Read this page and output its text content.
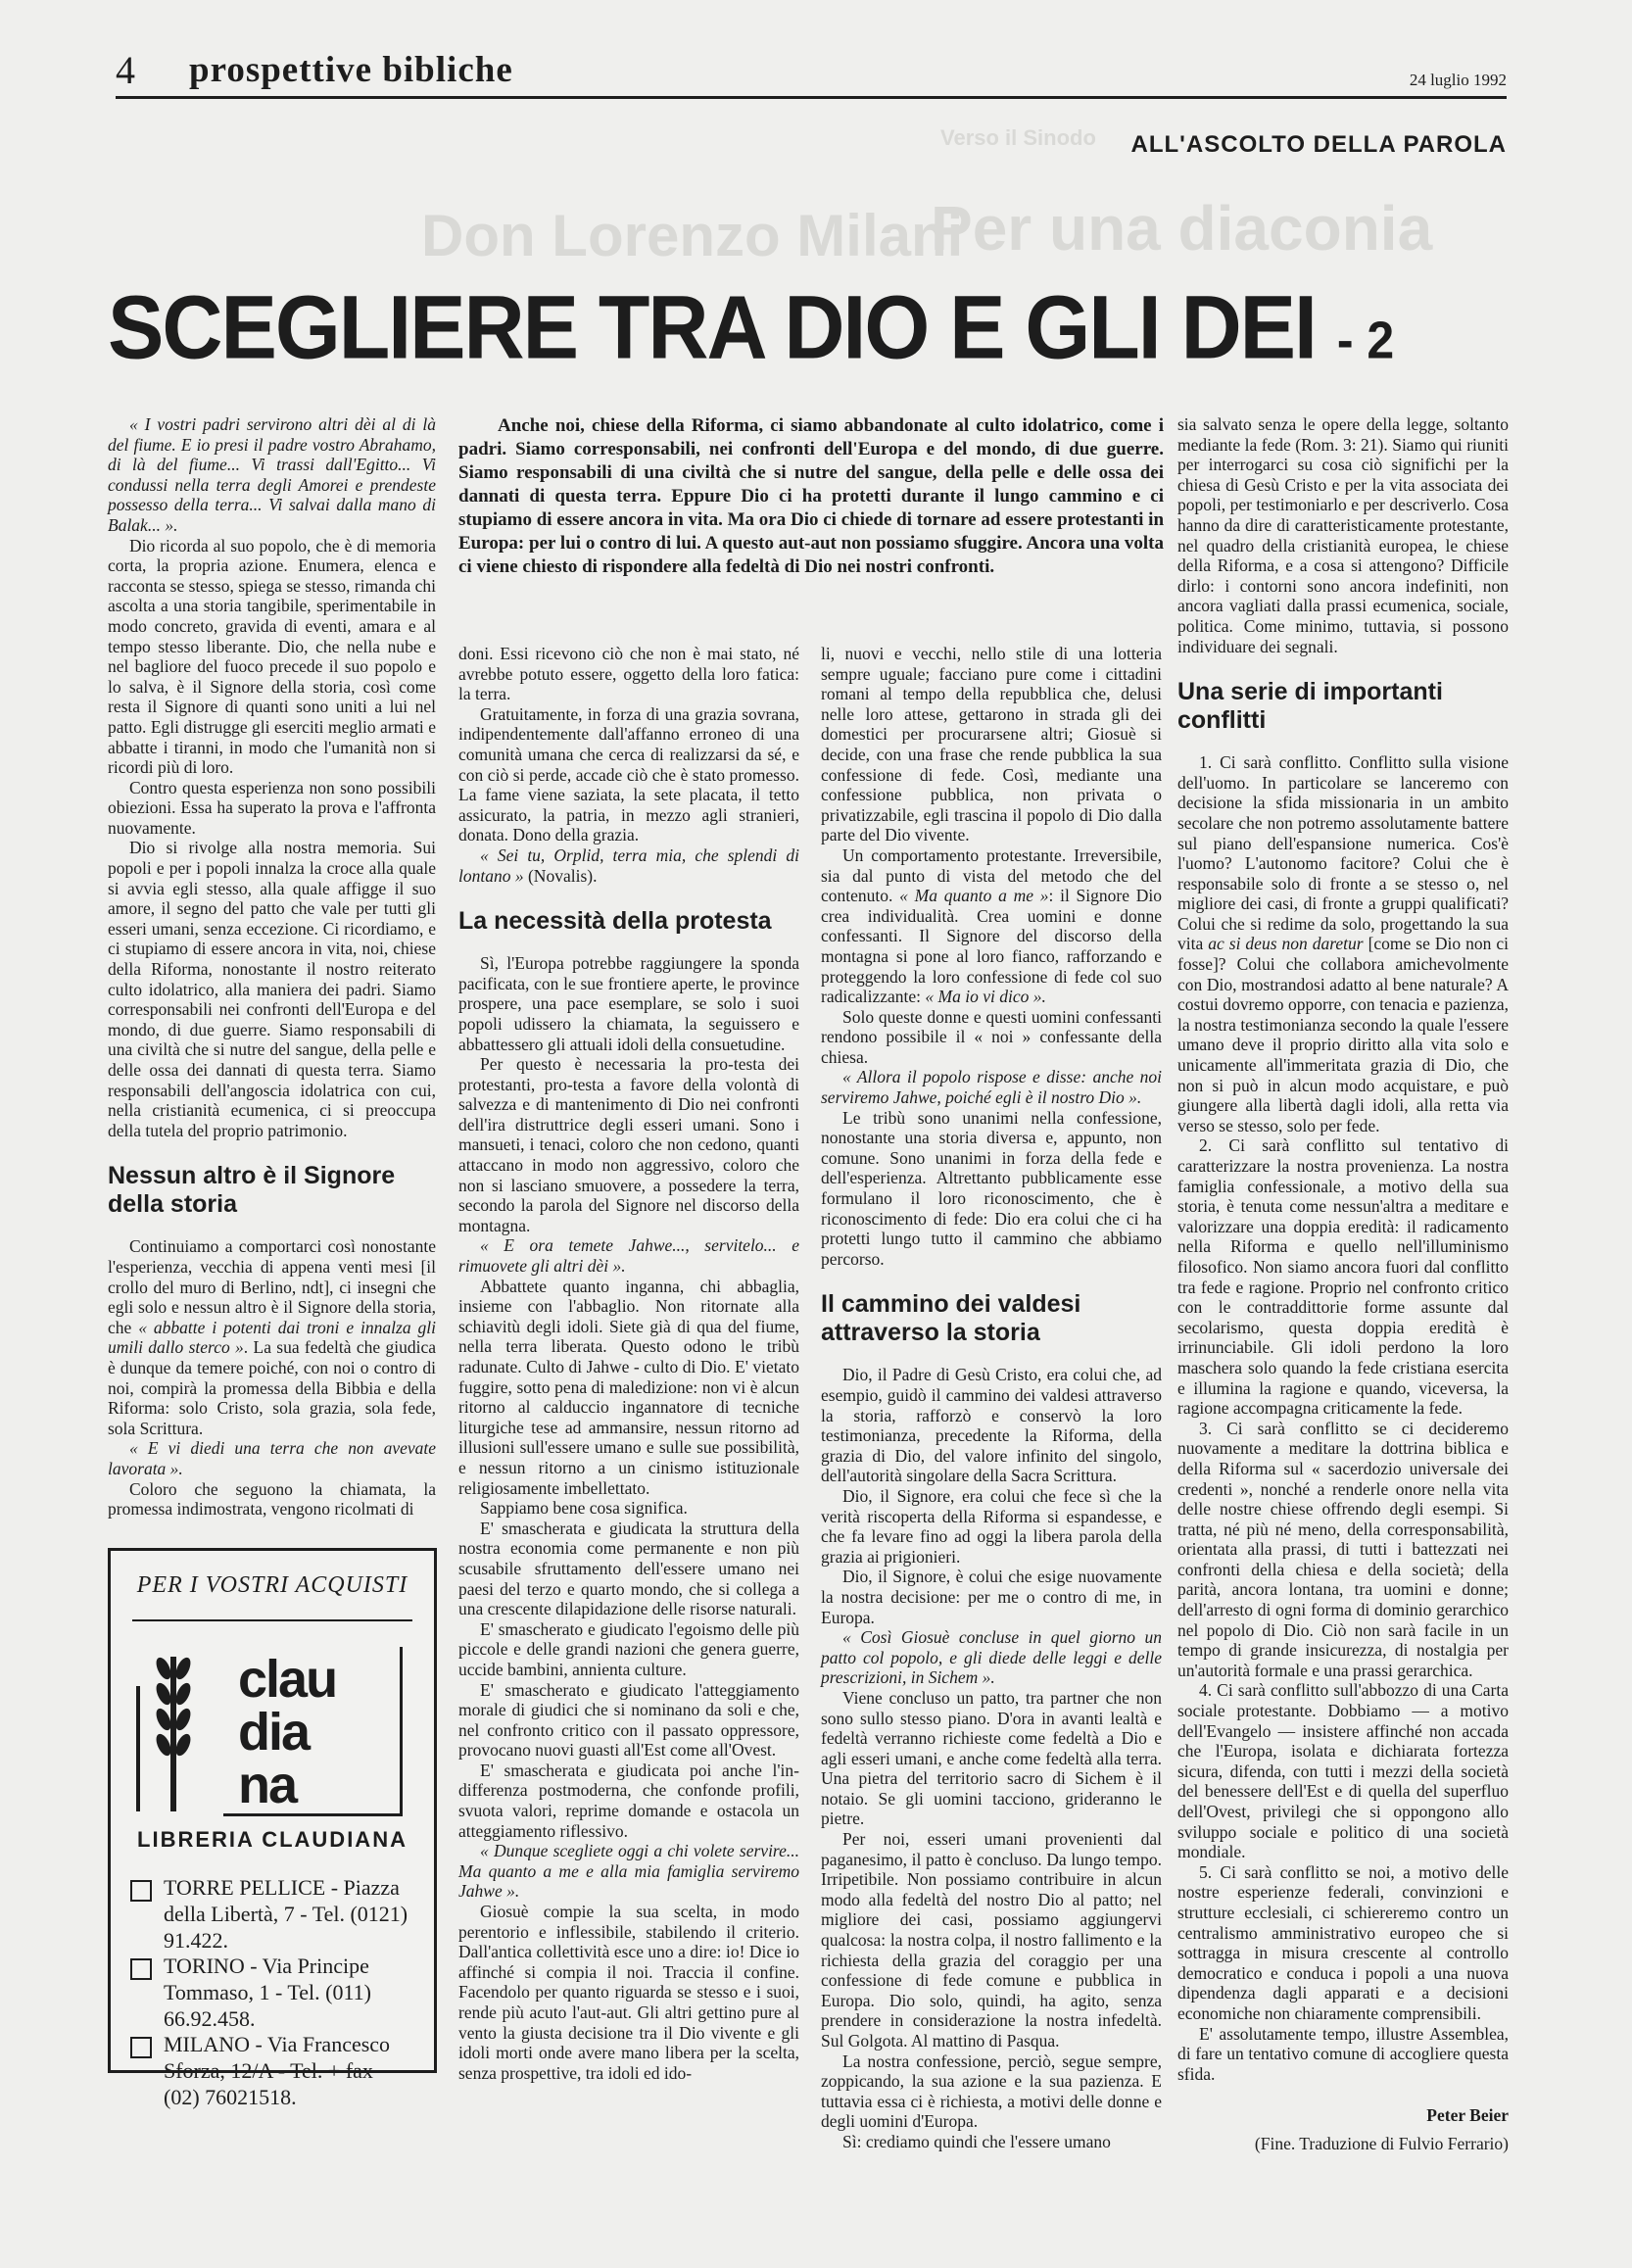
Per una diaconia
Don Lorenzo Milani
Verso il Sinodo
4 prospettive bibliche	24 luglio 1992
ALL'ASCOLTO DELLA PAROLA
SCEGLIERE TRA DIO E GLI DEI - 2

Anche noi, chiese della Riforma, ci siamo abbandonate al culto idolatrico, come i padri. Siamo corresponsabili, nei confronti dell'Europa e del mondo, di due guerre. Siamo responsabili di una civiltà che si nutre del sangue, della pelle e delle ossa dei dannati di questa terra. Eppure Dio ci ha protetti durante il lungo cammino e ci stupiamo di essere ancora in vita. Ma ora Dio ci chiede di tornare ad essere protestanti in Europa: per lui o contro di lui. A questo aut-aut non possiamo sfuggire. Ancora una volta ci viene chiesto di rispondere alla fedeltà di Dio nei nostri confronti.

« I vostri padri servirono altri dèi al di là del fiume. E io presi il padre vostro Abrahamo, di là del fiume... Vi trassi dall'Egitto... Vi condussi nella terra degli Amorei e prendeste possesso della terra... Vi salvai dalla mano di Balak... ».

Dio ricorda al suo popolo, che è di memoria corta, la propria azione. Enumera, elenca e racconta se stesso, spiega se stesso, rimanda chi ascolta a una storia tangibile, sperimentabile in modo concreto, gravida di eventi, amara e al tempo stesso liberante. Dio, che nella nube e nel bagliore del fuoco precede il suo popolo e lo salva, è il Signore della storia, così come resta il Signore di quanti sono uniti a lui nel patto. Egli distrugge gli eserciti meglio armati e abbatte i tiranni, in modo che l'umanità non si ricordi più di loro.

Contro questa esperienza non sono possibili obiezioni. Essa ha superato la prova e l'affronta nuovamente.

Dio si rivolge alla nostra memoria. Sui popoli e per i popoli innalza la croce alla quale si avvia egli stesso, alla quale affigge il suo amore, il segno del patto che vale per tutti gli esseri umani, senza eccezione. Ci ricordiamo, e ci stupiamo di essere ancora in vita, noi, chiese della Riforma, nonostante il nostro reiterato culto idolatrico, alla maniera dei padri. Siamo corresponsabili nei confronti dell'Europa e del mondo, di due guerre. Siamo responsabili di una civiltà che si nutre del sangue, della pelle e delle ossa dei dannati di questa terra. Siamo responsabili dell'angoscia idolatrica con cui, nella cristianità ecumenica, ci si preoccupa della tutela del proprio patrimonio.

Nessun altro è il Signore della storia

Continuiamo a comportarci così nonostante l'esperienza, vecchia di appena venti mesi [il crollo del muro di Berlino, ndt], ci insegni che egli solo e nessun altro è il Signore della storia, che « abbatte i potenti dai troni e innalza gli umili dallo sterco ». La sua fedeltà che giudica è dunque da temere poiché, con noi o contro di noi, compirà la promessa della Bibbia e della Riforma: solo Cristo, sola grazia, sola fede, sola Scrittura.

« E vi diedi una terra che non avevate lavorata ».

Coloro che seguono la chiamata, la promessa indimostrata, vengono ricolmati di

doni. Essi ricevono ciò che non è mai stato, né avrebbe potuto essere, oggetto della loro fatica: la terra.

Gratuitamente, in forza di una grazia sovrana, indipendentemente dall'affanno erroneo di una comunità umana che cerca di realizzarsi da sé, e con ciò si perde, accade ciò che è stato promesso. La fame viene saziata, la sete placata, il tetto assicurato, la patria, in mezzo agli stranieri, donata. Dono della grazia.

« Sei tu, Orplid, terra mia, che splendi di lontano » (Novalis).

La necessità della protesta

Sì, l'Europa potrebbe raggiungere la sponda pacificata, con le sue frontiere aperte, le province prospere, una pace esemplare, se solo i suoi popoli udissero la chiamata, la seguissero e abbattessero gli attuali idoli della consuetudine.

Per questo è necessaria la pro-testa dei protestanti, pro-testa a favore della volontà di salvezza e di mantenimento di Dio nei confronti dell'ira distruttrice degli esseri umani. Sono i mansueti, i tenaci, coloro che non cedono, quanti attaccano in modo non aggressivo, coloro che non si lasciano smuovere, a possedere la terra, secondo la parola del Signore nel discorso della montagna.

« E ora temete Jahwe..., servitelo... e rimuovete gli altri dèi ».

Abbattete quanto inganna, chi abbaglia, insieme con l'abbaglio. Non ritornate alla schiavitù degli idoli. Siete già di qua del fiume, nella terra liberata. Questo odono le tribù radunate. Culto di Jahwe - culto di Dio. E' vietato fuggire, sotto pena di maledizione: non vi è alcun ritorno al calduccio ingannatore di tecniche liturgiche tese ad ammansire, nessun ritorno ad illusioni sull'essere umano e sulle sue possibilità, e nessun ritorno a un cinismo istituzionale religiosamente imbellettato.

Sappiamo bene cosa significa.

E' smascherata e giudicata la struttura della nostra economia come permanente e non più scusabile sfruttamento dell'essere umano nei paesi del terzo e quarto mondo, che si collega a una crescente dilapidazione delle risorse naturali.

E' smascherato e giudicato l'egoismo delle più piccole e delle grandi nazioni che genera guerre, uccide bambini, annienta culture.

E' smascherato e giudicato l'atteggiamento morale di giudici che si nominano da soli e che, nel confronto critico con il passato oppressore, provocano nuovi guasti all'Est come all'Ovest.

E' smascherata e giudicata poi anche l'in-differenza postmoderna, che confonde profili, svuota valori, reprime domande e ostacola un atteggiamento riflessivo.

« Dunque scegliete oggi a chi volete servire... Ma quanto a me e alla mia famiglia serviremo Jahwe ».

Giosuè compie la sua scelta, in modo perentorio e inflessibile, stabilendo il criterio. Dall'antica collettività esce uno a dire: io! Dice io affinché si compia il noi. Traccia il confine. Facendolo per quanto riguarda se stesso e i suoi, rende più acuto l'aut-aut. Gli altri gettino pure al vento la giusta decisione tra il Dio vivente e gli idoli morti onde avere mano libera per la scelta, senza prospettive, tra idoli ed ido-

li, nuovi e vecchi, nello stile di una lotteria sempre uguale; facciano pure come i cittadini romani al tempo della repubblica che, delusi nelle loro attese, gettarono in strada gli dei domestici per procurarsene altri; Giosuè si decide, con una frase che rende pubblica la sua confessione di fede. Così, mediante una confessione pubblica, non privata o privatizzabile, egli trascina il popolo di Dio dalla parte del Dio vivente.

Un comportamento protestante. Irreversibile, sia dal punto di vista del metodo che del contenuto. « Ma quanto a me »: il Signore Dio crea individualità. Crea uomini e donne confessanti. Il Signore del discorso della montagna si pone al loro fianco, rafforzando e proteggendo la loro confessione di fede col suo radicalizzante: « Ma io vi dico ».

Solo queste donne e questi uomini confessanti rendono possibile il « noi » confessante della chiesa.

« Allora il popolo rispose e disse: anche noi serviremo Jahwe, poiché egli è il nostro Dio ».

Le tribù sono unanimi nella confessione, nonostante una storia diversa e, appunto, non comune. Sono unanimi in forza della fede e dell'esperienza. Altrettanto pubblicamente esse formulano il loro riconoscimento, che è riconoscimento di fede: Dio era colui che ci ha protetti lungo tutto il cammino che abbiamo percorso.

Il cammino dei valdesi attraverso la storia

Dio, il Padre di Gesù Cristo, era colui che, ad esempio, guidò il cammino dei valdesi attraverso la storia, rafforzò e conservò la loro testimonianza, precedente la Riforma, della grazia di Dio, del valore infinito del singolo, dell'autorità singolare della Sacra Scrittura.

Dio, il Signore, era colui che fece sì che la verità riscoperta della Riforma si espandesse, e che fa levare fino ad oggi la libera parola della grazia ai prigionieri.

Dio, il Signore, è colui che esige nuovamente la nostra decisione: per me o contro di me, in Europa.

« Così Giosuè concluse in quel giorno un patto col popolo, e gli diede delle leggi e delle prescrizioni, in Sichem ».

Viene concluso un patto, tra partner che non sono sullo stesso piano. D'ora in avanti lealtà e fedeltà verranno richieste come fedeltà a Dio e agli esseri umani, e anche come fedeltà alla terra. Una pietra del territorio sacro di Sichem è il notaio. Se gli uomini tacciono, grideranno le pietre.

Per noi, esseri umani provenienti dal paganesimo, il patto è concluso. Da lungo tempo. Irripetibile. Non possiamo contribuire in alcun modo alla fedeltà del nostro Dio al patto; nel migliore dei casi, possiamo aggiungervi qualcosa: la nostra colpa, il nostro fallimento e la richiesta della grazia del coraggio per una confessione di fede comune e pubblica in Europa. Dio solo, quindi, ha agito, senza prendere in considerazione la nostra infedeltà. Sul Golgota. Al mattino di Pasqua.

La nostra confessione, perciò, segue sempre, zoppicando, la sua azione e la sua pazienza. E tuttavia essa ci è richiesta, a motivi delle donne e degli uomini d'Europa.

Sì: crediamo quindi che l'essere umano

sia salvato senza le opere della legge, soltanto mediante la fede (Rom. 3: 21). Siamo qui riuniti per interrogarci su cosa ciò significhi per la chiesa di Gesù Cristo e per la vita associata dei popoli, per testimoniarlo e per descriverlo. Cosa hanno da dire di caratteristicamente protestante, nel quadro della cristianità europea, le chiese della Riforma, e a cosa si attengono? Difficile dirlo: i contorni sono ancora indefiniti, non ancora vagliati dalla prassi ecumenica, sociale, politica. Come minimo, tuttavia, si possono individuare dei segnali.

Una serie di importanti conflitti

1. Ci sarà conflitto. Conflitto sulla visione dell'uomo. In particolare se lanceremo con decisione la sfida missionaria in un ambito secolare che non potremo assolutamente battere sul piano dell'espansione numerica. Cos'è l'uomo? L'autonomo facitore? Colui che è responsabile solo di fronte a se stesso o, nel migliore dei casi, di fronte a gruppi qualificati? Colui che si redime da solo, progettando la sua vita ac si deus non daretur [come se Dio non ci fosse]? Colui che collabora amichevolmente con Dio, mostrandosi adatto al bene naturale? A costui dovremo opporre, con tenacia e pazienza, la nostra testimonianza secondo la quale l'essere umano deve il proprio diritto alla vita solo e unicamente all'immeritata grazia di Dio, che non si può in alcun modo acquistare, e può giungere alla libertà dagli idoli, alla retta via verso se stesso, solo per fede.

2. Ci sarà conflitto sul tentativo di caratterizzare la nostra provenienza. La nostra famiglia confessionale, a motivo della sua storia, è tenuta come nessun'altra a meditare e valorizzare una doppia eredità: il radicamento nella Riforma e quello nell'illuminismo filosofico. Non siamo ancora fuori dal conflitto tra fede e ragione. Proprio nel confronto critico con le contraddittorie forme assunte dal secolarismo, questa doppia eredità è irrinunciabile. Gli idoli perdono la loro maschera solo quando la fede cristiana esercita e illumina la ragione e quando, viceversa, la ragione accompagna criticamente la fede.

3. Ci sarà conflitto se ci decideremo nuovamente a meditare la dottrina biblica e della Riforma sul « sacerdozio universale dei credenti », nonché a renderle onore nella vita delle nostre chiese offrendo degli esempi. Si tratta, né più né meno, della corresponsabilità, orientata alla prassi, di tutti i battezzati nei confronti della chiesa e della società; della parità, ancora lontana, tra uomini e donne; dell'arresto di ogni forma di dominio gerarchico nel popolo di Dio. Ciò non sarà facile in un tempo di grande insicurezza, di nostalgia per un'autorità formale e una prassi gerarchica.

4. Ci sarà conflitto sull'abbozzo di una Carta sociale protestante. Dobbiamo — a motivo dell'Evangelo — insistere affinché non accada che l'Europa, isolata e dichiarata fortezza sicura, difenda, con tutti i mezzi della società del benessere dell'Est e di quella del superfluo dell'Ovest, privilegi che si oppongono allo sviluppo sociale e politico di una società mondiale.

5. Ci sarà conflitto se noi, a motivo delle nostre esperienze federali, convinzioni e strutture ecclesiali, ci schiereremo contro un centralismo amministrativo europeo che si sottragga in misura crescente al controllo democratico e conduca i popoli a una nuova dipendenza dagli apparati e a decisioni economiche non chiaramente comprensibili.

E' assolutamente tempo, illustre Assemblea, di fare un tentativo comune di accogliere questa sfida.

Peter Beier
(Fine. Traduzione di Fulvio Ferrario)
PER I VOSTRI ACQUISTI
clau
dia
na
LIBRERIA CLAUDIANA
TORRE PELLICE - Piazza della Libertà, 7 - Tel. (0121) 91.422.
TORINO - Via Principe Tommaso, 1 - Tel. (011) 66.92.458.
MILANO - Via Francesco Sforza, 12/A - Tel. + fax (02) 76021518.
